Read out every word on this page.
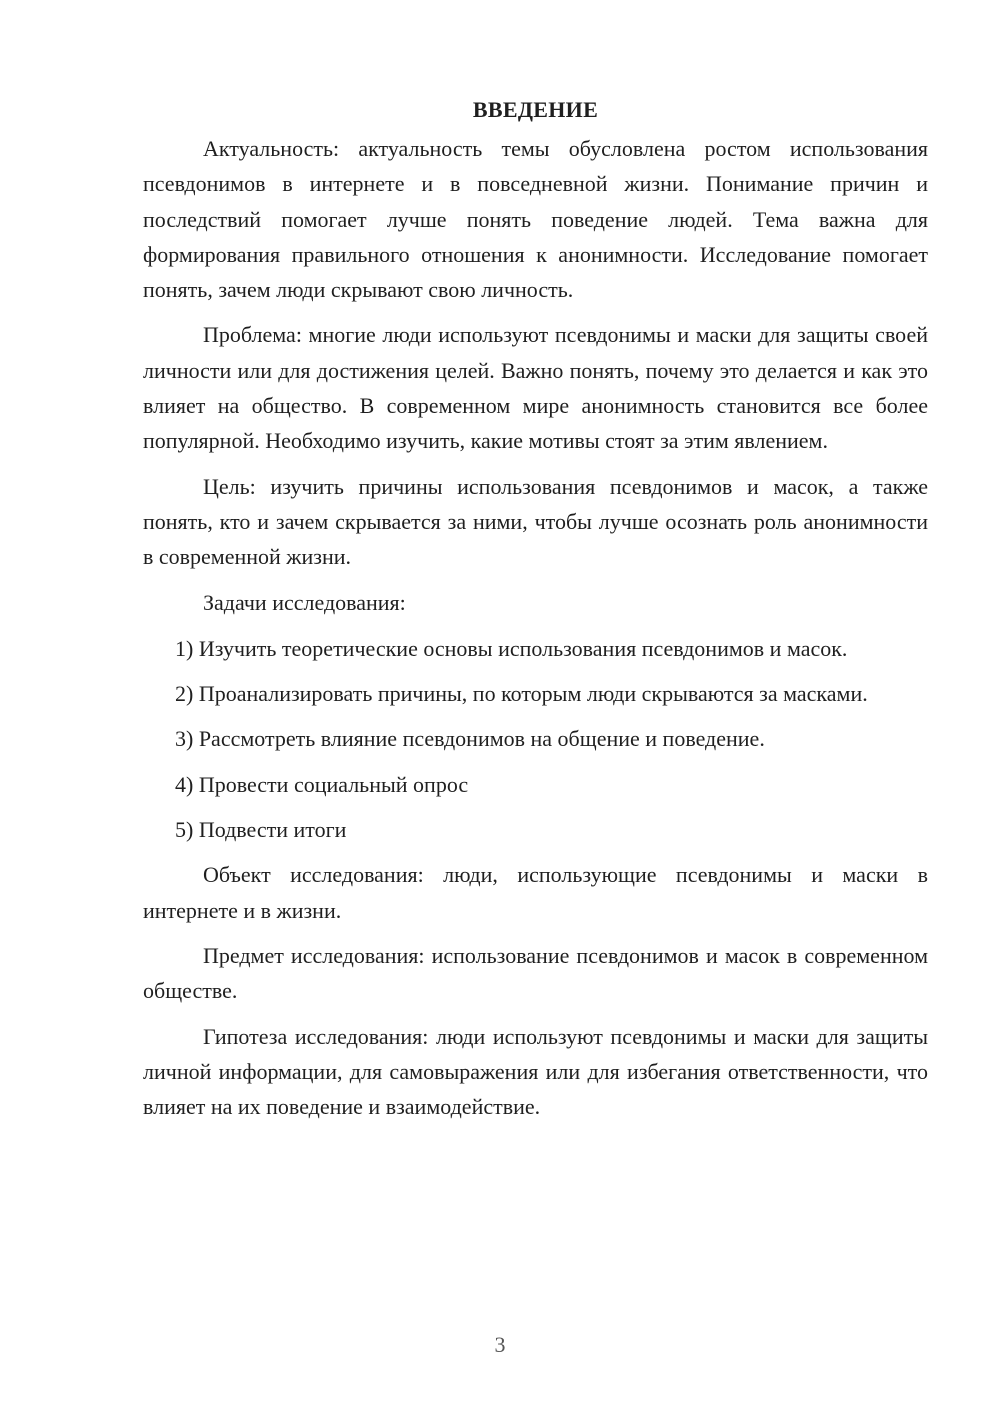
ВВЕДЕНИЕ

Актуальность: актуальность темы обусловлена ростом использования псевдонимов в интернете и в повседневной жизни. Понимание причин и последствий помогает лучше понять поведение людей. Тема важна для формирования правильного отношения к анонимности. Исследование помогает понять, зачем люди скрывают свою личность.

Проблема: многие люди используют псевдонимы и маски для защиты своей личности или для достижения целей. Важно понять, почему это делается и как это влияет на общество. В современном мире анонимность становится все более популярной. Необходимо изучить, какие мотивы стоят за этим явлением.

Цель: изучить причины использования псевдонимов и масок, а также понять, кто и зачем скрывается за ними, чтобы лучше осознать роль анонимности в современной жизни.

Задачи исследования:

1) Изучить теоретические основы использования псевдонимов и масок.

2) Проанализировать причины, по которым люди скрываются за масками.

3) Рассмотреть влияние псевдонимов на общение и поведение.

4) Провести социальный опрос

5) Подвести итоги

Объект исследования: люди, использующие псевдонимы и маски в интернете и в жизни.

Предмет исследования: использование псевдонимов и масок в современном обществе.

Гипотеза исследования: люди используют псевдонимы и маски для защиты личной информации, для самовыражения или для избегания ответственности, что влияет на их поведение и взаимодействие.

3
